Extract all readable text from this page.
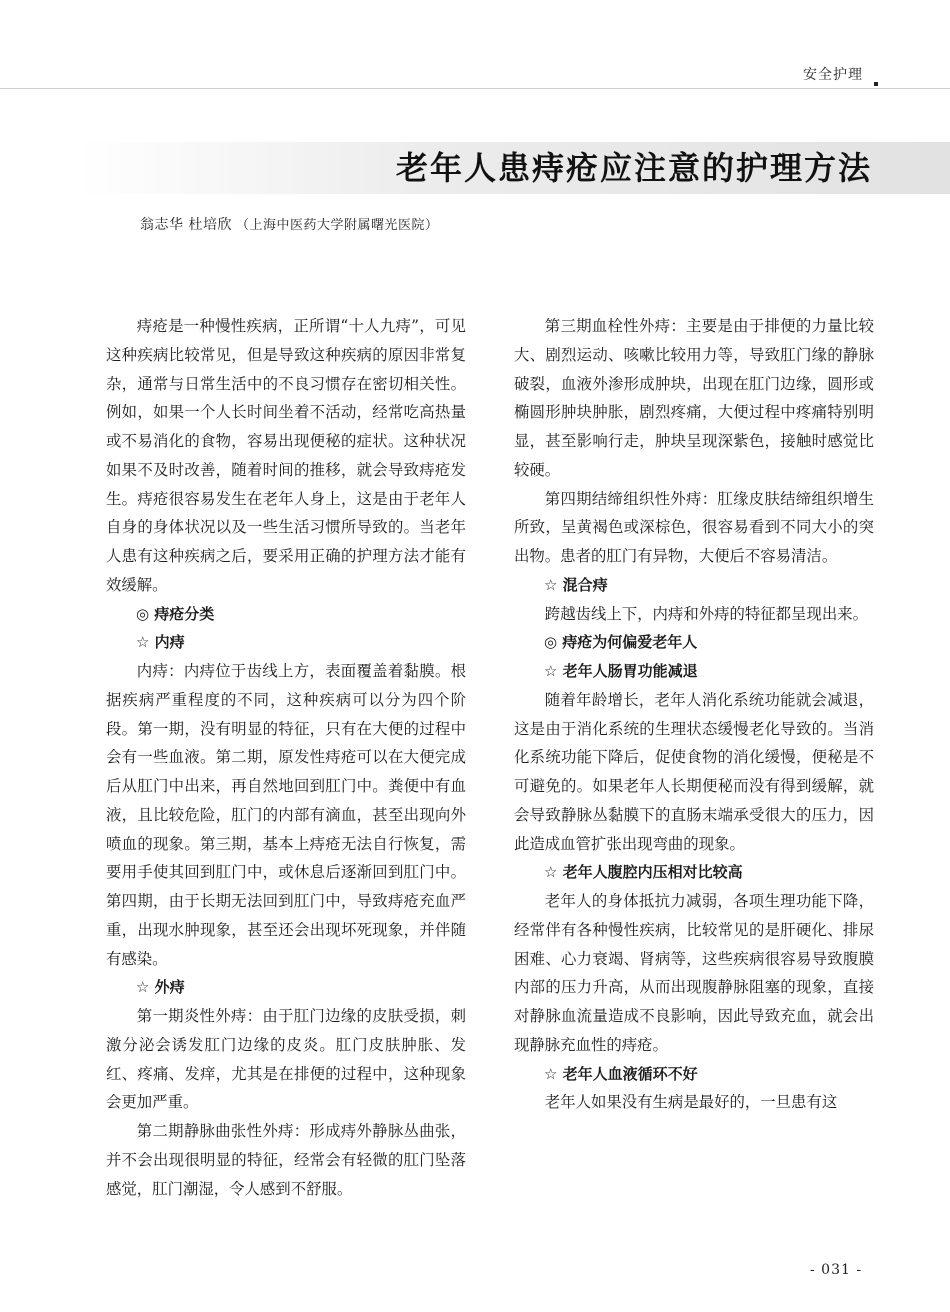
安全护理
老年人患痔疮应注意的护理方法
翁志华 杜培欣 （上海中医药大学附属曙光医院）

痔疮是一种慢性疾病，正所谓“十人九痔”，可见这种疾病比较常见，但是导致这种疾病的原因非常复杂，通常与日常生活中的不良习惯存在密切相关性。例如，如果一个人长时间坐着不活动，经常吃高热量或不易消化的食物，容易出现便秘的症状。这种状况如果不及时改善，随着时间的推移，就会导致痔疮发生。痔疮很容易发生在老年人身上，这是由于老年人自身的身体状况以及一些生活习惯所导致的。当老年人患有这种疾病之后，要采用正确的护理方法才能有效缓解。

◎ 痔疮分类
☆ 内痔

内痔：内痔位于齿线上方，表面覆盖着黏膜。根据疾病严重程度的不同，这种疾病可以分为四个阶段。第一期，没有明显的特征，只有在大便的过程中会有一些血液。第二期，原发性痔疮可以在大便完成后从肛门中出来，再自然地回到肛门中。粪便中有血液，且比较危险，肛门的内部有滴血，甚至出现向外喷血的现象。第三期，基本上痔疮无法自行恢复，需要用手使其回到肛门中，或休息后逐渐回到肛门中。第四期，由于长期无法回到肛门中，导致痔疮充血严重，出现水肿现象，甚至还会出现坏死现象，并伴随有感染。

☆ 外痔

第一期炎性外痔：由于肛门边缘的皮肤受损，刺激分泌会诱发肛门边缘的皮炎。肛门皮肤肿胀、发红、疼痛、发痒，尤其是在排便的过程中，这种现象会更加严重。

第二期静脉曲张性外痔：形成痔外静脉丛曲张，并不会出现很明显的特征，经常会有轻微的肛门坠落感觉，肛门潮湿，令人感到不舒服。

第三期血栓性外痔：主要是由于排便的力量比较大、剧烈运动、咳嗽比较用力等，导致肛门缘的静脉破裂，血液外渗形成肿块，出现在肛门边缘，圆形或椭圆形肿块肿胀，剧烈疼痛，大便过程中疼痛特别明显，甚至影响行走，肿块呈现深紫色，接触时感觉比较硬。

第四期结缔组织性外痔：肛缘皮肤结缔组织增生所致，呈黄褐色或深棕色，很容易看到不同大小的突出物。患者的肛门有异物，大便后不容易清洁。

☆ 混合痔

跨越齿线上下，内痔和外痔的特征都呈现出来。

◎ 痔疮为何偏爱老年人
☆ 老年人肠胃功能减退

随着年龄增长，老年人消化系统功能就会减退，这是由于消化系统的生理状态缓慢老化导致的。当消化系统功能下降后，促使食物的消化缓慢，便秘是不可避免的。如果老年人长期便秘而没有得到缓解，就会导致静脉丛黏膜下的直肠末端承受很大的压力，因此造成血管扩张出现弯曲的现象。

☆ 老年人腹腔内压相对比较高

老年人的身体抵抗力减弱，各项生理功能下降，经常伴有各种慢性疾病，比较常见的是肝硬化、排尿困难、心力衰竭、肾病等，这些疾病很容易导致腹膜内部的压力升高，从而出现腹静脉阻塞的现象，直接对静脉血流量造成不良影响，因此导致充血，就会出现静脉充血性的痔疮。

☆ 老年人血液循环不好

老年人如果没有生病是最好的，一旦患有这

- 031 -
